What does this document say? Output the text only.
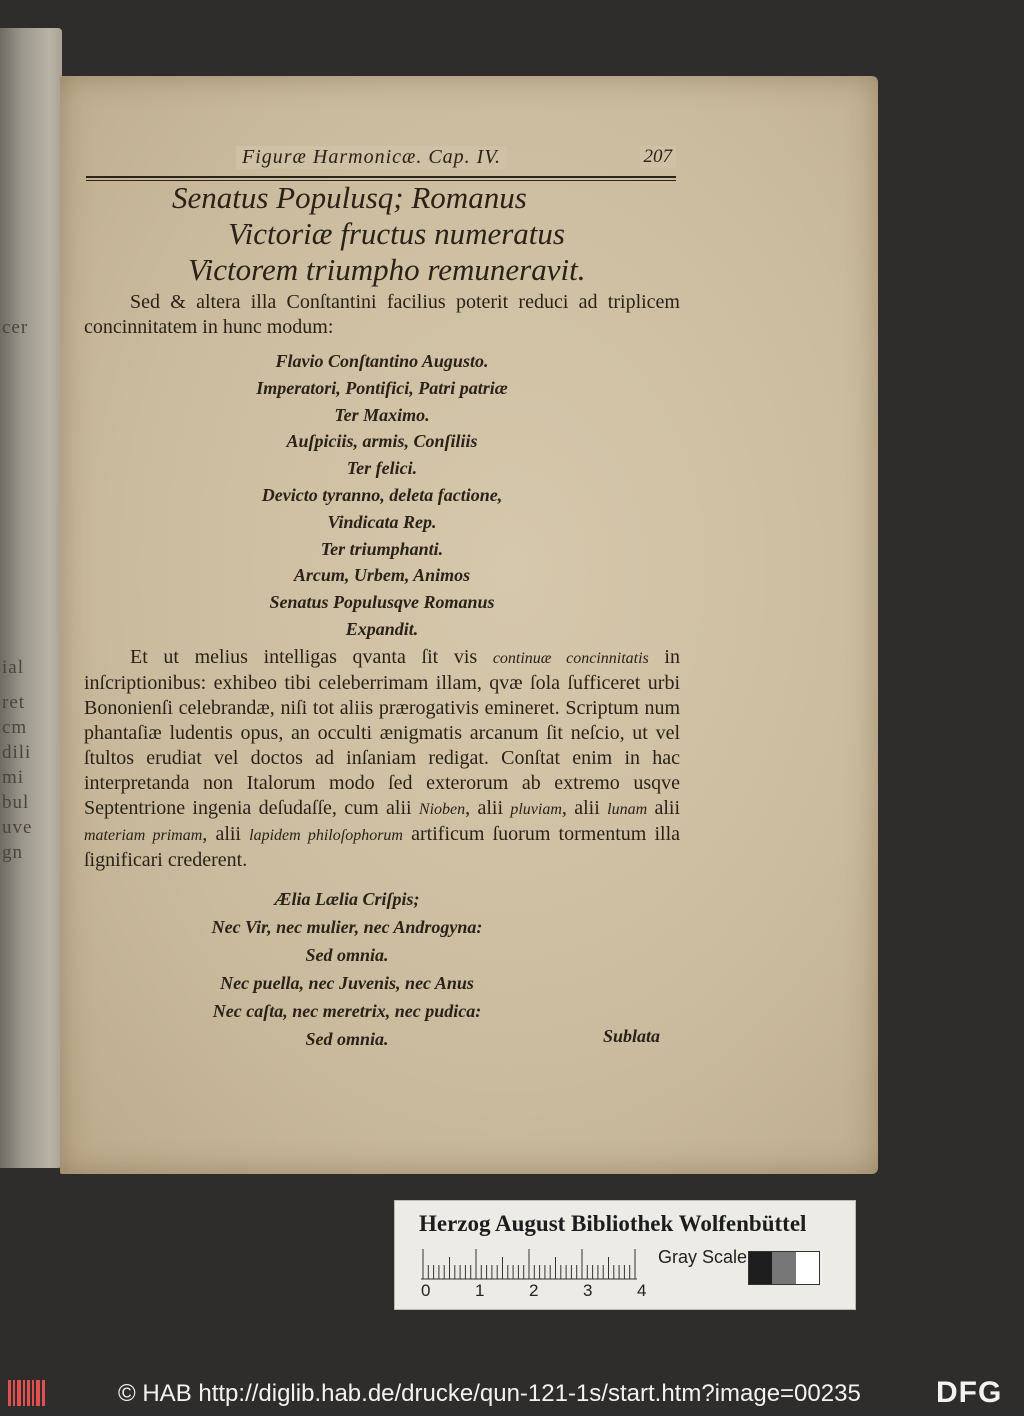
cer
ial
ret
cm
dili
mi
bul
uve
gn
Figuræ Harmonicæ. Cap. IV.	207

Senatus Populusq; Romanus

Victoriæ fructus numeratus

Victorem triumpho remuneravit.

Sed & altera illa Conſtantini facilius poterit reduci ad triplicem concinnitatem in hunc modum:

Flavio Conſtantino Augusto.

Imperatori, Pontifici, Patri patriæ

Ter Maximo.

Auſpiciis, armis, Conſiliis

Ter felici.

Devicto tyranno, deleta factione,

Vindicata Rep.

Ter triumphanti.

Arcum, Urbem, Animos

Senatus Populusqve Romanus

Expandit.

Et ut melius intelligas qvanta ſit vis continuæ concinnitatis in inſcriptionibus: exhibeo tibi celeberrimam illam, qvæ ſola ſufficeret urbi Bononienſi celebrandæ, niſi tot aliis prærogativis emineret. Scriptum num phantaſiæ ludentis opus, an occulti ænigmatis arcanum ſit neſcio, ut vel ſtultos erudiat vel doctos ad inſaniam redigat. Conſtat enim in hac interpretanda non Italorum modo ſed exterorum ab extremo usqve Septentrione ingenia deſudaſſe, cum alii Nioben, alii pluviam, alii lunam alii materiam primam, alii lapidem philoſophorum artificum ſuorum tormentum illa ſignificari crederent.

Ælia Lælia Criſpis;

Nec Vir, nec mulier, nec Androgyna:

Sed omnia.

Nec puella, nec Juvenis, nec Anus

Nec caſta, nec meretrix, nec pudica:

Sed omnia.	Sublata
Herzog August Bibliothek Wolfenbüttel
0	1	2	3	4
Gray Scale
© HAB http://diglib.hab.de/drucke/qun-121-1s/start.htm?image=00235	DFG
